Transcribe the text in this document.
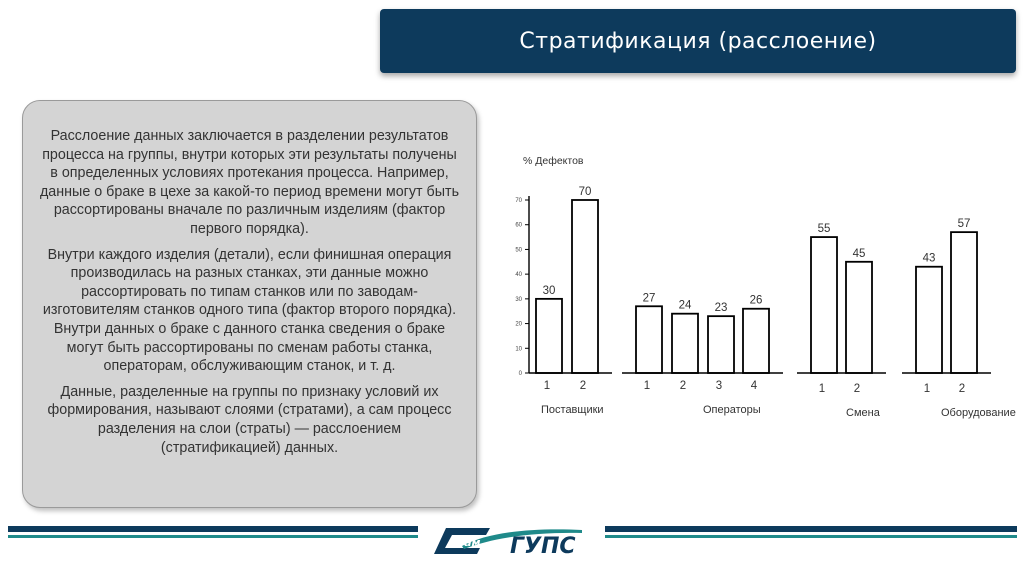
Стратификация (расслоение)

Расслоение данных заключается в разделении результатов процесса на группы, внутри которых эти результаты получены в определенных условиях протекания процесса. Например, данные о браке в цехе за какой-то период времени могут быть рассортированы вначале по различным изделиям (фактор первого порядка).

Внутри каждого изделия (детали), если финишная операция производилась на разных станках, эти данные можно рассортировать по типам станков или по заводам-изготовителям станков одного типа (фактор второго порядка). Внутри данных о браке с данного станка сведения о браке могут быть рассортированы по сменам работы станка, операторам, обслуживающим станок, и т. д.

Данные, разделенные на группы по признаку условий их формирования, называют слоями (стратами), а сам процесс разделения на слои (страты) — расслоением (стратификацией) данных.

% Дефектов
0
10
20
30
40
50
60
70
30
1
70
2
Поставщики
27
1
24
2
23
3
26
4
Операторы
55
1
45
2
Смена
43
1
57
2
Оборудование
Сам ГУПС
